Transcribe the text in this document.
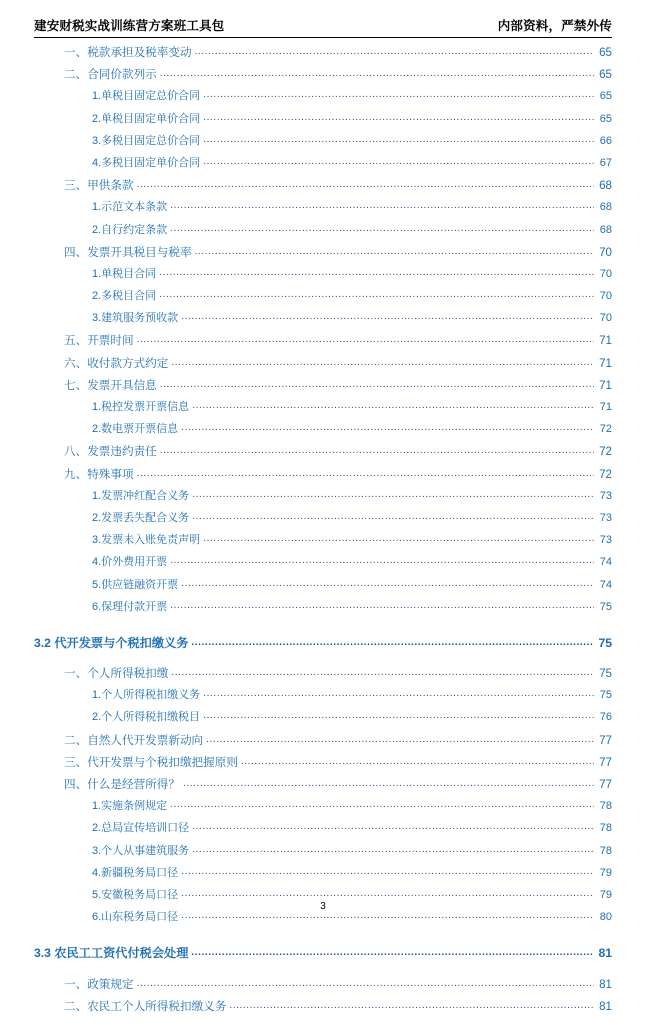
建安财税实战训练营方案班工具包	内部资料，严禁外传
一、税款承担及税率变动 .....	65
二、合同价款列示 .....	65
1.单税目固定总价合同 .....	65
2.单税目固定单价合同 .....	65
3.多税目固定总价合同 .....	66
4.多税目固定单价合同 .....	67
三、甲供条款 .....	68
1.示范文本条款 .....	68
2.自行约定条款 .....	68
四、发票开具税目与税率 .....	70
1.单税目合同 .....	70
2.多税目合同 .....	70
3.建筑服务预收款 .....	70
五、开票时间 .....	71
六、收付款方式约定 .....	71
七、发票开具信息 .....	71
1.税控发票开票信息 .....	71
2.数电票开票信息 .....	72
八、发票违约责任 .....	72
九、特殊事项 .....	72
1.发票冲红配合义务 .....	73
2.发票丢失配合义务 .....	73
3.发票未入账免责声明 .....	73
4.价外费用开票 .....	74
5.供应链融资开票 .....	74
6.保理付款开票 .....	75
3.2 代开发票与个税扣缴义务 .....	75
一、个人所得税扣缴 .....	75
1.个人所得税扣缴义务 .....	75
2.个人所得税扣缴税目 .....	76
二、自然人代开发票新动向 .....	77
三、代开发票与个税扣缴把握原则 .....	77
四、什么是经营所得？ .....	77
1.实施条例规定 .....	78
2.总局宣传培训口径 .....	78
3.个人从事建筑服务 .....	78
4.新疆税务局口径 .....	79
5.安徽税务局口径 .....	79
6.山东税务局口径 .....	80
3.3 农民工工资代付税会处理 .....	81
一、政策规定 .....	81
二、农民工个人所得税扣缴义务 .....	81
3
